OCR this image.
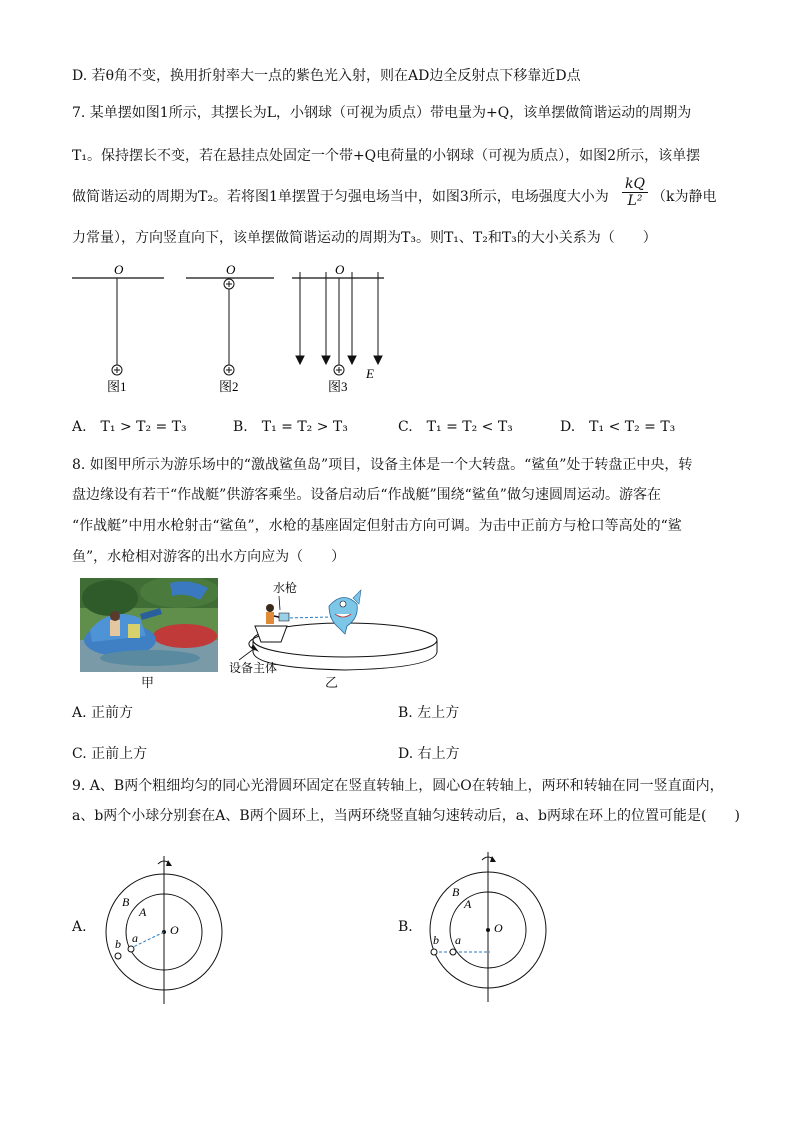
D. 若θ角不变，换用折射率大一点的紫色光入射，则在AD边全反射点下移靠近D点
7. 某单摆如图1所示，其摆长为L，小钢球（可视为质点）带电量为+Q，该单摆做简谐运动的周期为
T₁。保持摆长不变，若在悬挂点处固定一个带+Q电荷量的小钢球（可视为质点），如图2所示，该单摆
做简谐运动的周期为T₂。若将图1单摆置于匀强电场当中，如图3所示，电场强度大小为 $\frac{kQ}{\text{L²}} (k$为静电
力常量），方向竖直向下，该单摆做简谐运动的周期为T₃。则T₁、T₂和T₃的大小关系为（　　）
O
图1
O
图2
O
E
图3
A.　T₁ > T₂ = T₃	B.　T₁ = T₂ > T₃	C.　T₁ = T₂ < T₃	D.　T₁ < T₂ = T₃
8. 如图甲所示为游乐场中的“激战鲨鱼岛”项目，设备主体是一个大转盘。“鲨鱼”处于转盘正中央，转
盘边缘设有若干“作战艇”供游客乘坐。设备启动后“作战艇”围绕“鲨鱼”做匀速圆周运动。游客在
“作战艇”中用水枪射击“鲨鱼”，水枪的基座固定但射击方向可调。为击中正前方与枪口等高处的“鲨
鱼”，水枪相对游客的出水方向应为（　　）
水枪
设备主体
甲	乙
A. 正前方	B. 左上方
C. 正前上方	D. 右上方
9. A、B两个粗细均匀的同心光滑圆环固定在竖直转轴上，圆心O在转轴上，两环和转轴在同一竖直面内，
a、b两个小球分别套在A、B两个圆环上，当两环绕竖直轴匀速转动后，a、b两球在环上的位置可能是(　　)
A.	B.
O
a
b
A
B
O
a
b
A
B
